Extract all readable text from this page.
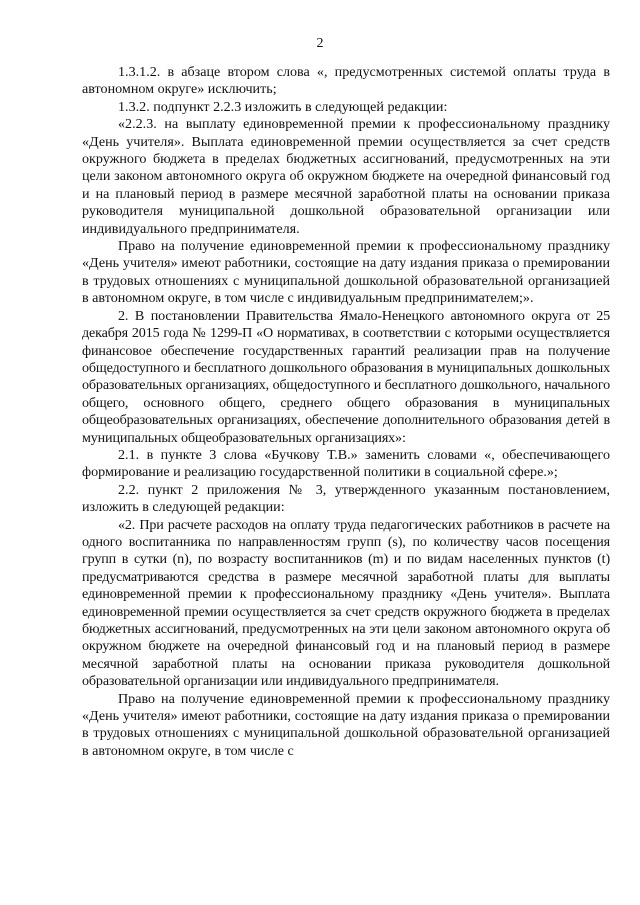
2

1.3.1.2. в абзаце втором слова «, предусмотренных системой оплаты труда в автономном округе» исключить;

1.3.2. подпункт 2.2.3 изложить в следующей редакции:

«2.2.3. на выплату единовременной премии к профессиональному празднику «День учителя». Выплата единовременной премии осуществляется за счет средств окружного бюджета в пределах бюджетных ассигнований, предусмотренных на эти цели законом автономного округа об окружном бюджете на очередной финансовый год и на плановый период в размере месячной заработной платы на основании приказа руководителя муниципальной дошкольной образовательной организации или индивидуального предпринимателя.

Право на получение единовременной премии к профессиональному празднику «День учителя» имеют работники, состоящие на дату издания приказа о премировании в трудовых отношениях с муниципальной дошкольной образовательной организацией в автономном округе, в том числе с индивидуальным предпринимателем;».

2. В постановлении Правительства Ямало-Ненецкого автономного округа от 25 декабря 2015 года № 1299-П «О нормативах, в соответствии с которыми осуществляется финансовое обеспечение государственных гарантий реализации прав на получение общедоступного и бесплатного дошкольного образования в муниципальных дошкольных образовательных организациях, общедоступного и бесплатного дошкольного, начального общего, основного общего, среднего общего образования в муниципальных общеобразовательных организациях, обеспечение дополнительного образования детей в муниципальных общеобразовательных организациях»:

2.1. в пункте 3 слова «Бучкову Т.В.» заменить словами «, обеспечивающего формирование и реализацию государственной политики в социальной сфере.»;

2.2. пункт 2 приложения № 3, утвержденного указанным постановлением, изложить в следующей редакции:

«2. При расчете расходов на оплату труда педагогических работников в расчете на одного воспитанника по направленностям групп (s), по количеству часов посещения групп в сутки (n), по возрасту воспитанников (m) и по видам населенных пунктов (t) предусматриваются средства в размере месячной заработной платы для выплаты единовременной премии к профессиональному празднику «День учителя». Выплата единовременной премии осуществляется за счет средств окружного бюджета в пределах бюджетных ассигнований, предусмотренных на эти цели законом автономного округа об окружном бюджете на очередной финансовый год и на плановый период в размере месячной заработной платы на основании приказа руководителя дошкольной образовательной организации или индивидуального предпринимателя.

Право на получение единовременной премии к профессиональному празднику «День учителя» имеют работники, состоящие на дату издания приказа о премировании в трудовых отношениях с муниципальной дошкольной образовательной организацией в автономном округе, в том числе с
